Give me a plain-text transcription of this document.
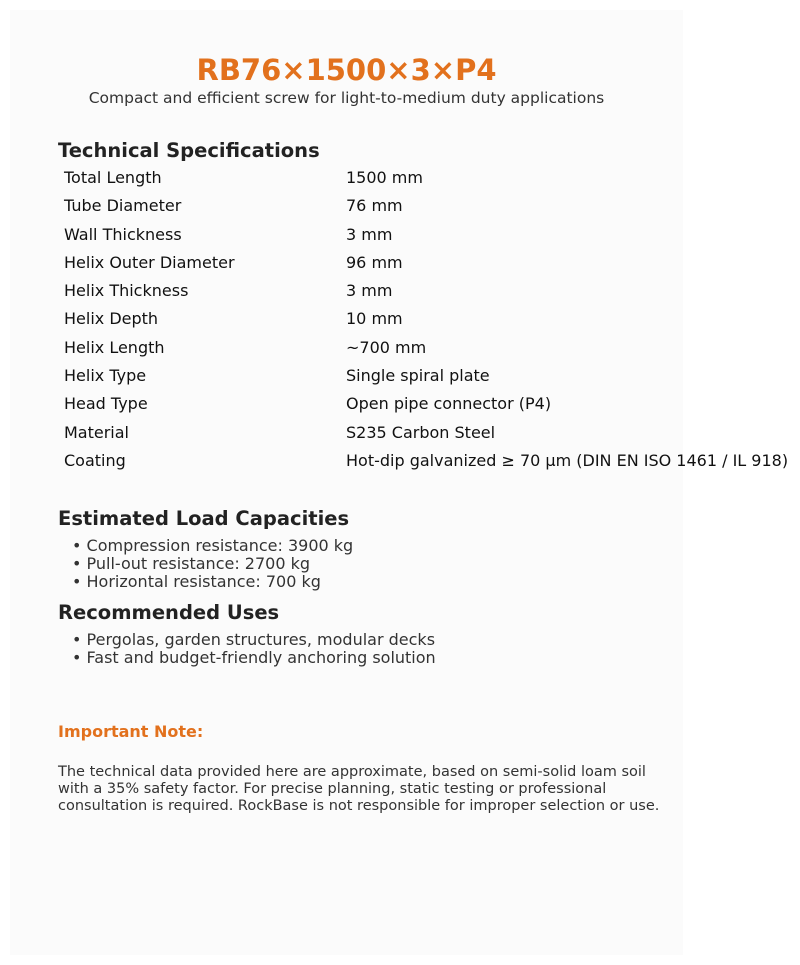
RB76×1500×3×P4

Compact and efficient screw for light-to-medium duty applications

Technical Specifications
Total Length	1500 mm
Tube Diameter	76 mm
Wall Thickness	3 mm
Helix Outer Diameter	96 mm
Helix Thickness	3 mm
Helix Depth	10 mm
Helix Length	~700 mm
Helix Type	Single spiral plate
Head Type	Open pipe connector (P4)
Material	S235 Carbon Steel
Coating	Hot-dip galvanized ≥ 70 µm (DIN EN ISO 1461 / IL 918)
Estimated Load Capacities
• Compression resistance: 3900 kg
• Pull-out resistance: 2700 kg
• Horizontal resistance: 700 kg
Recommended Uses
• Pergolas, garden structures, modular decks
• Fast and budget-friendly anchoring solution

Important Note:

The technical data provided here are approximate, based on semi-solid loam soil with a 35% safety factor. For precise planning, static testing or professional consultation is required. RockBase is not responsible for improper selection or use.
